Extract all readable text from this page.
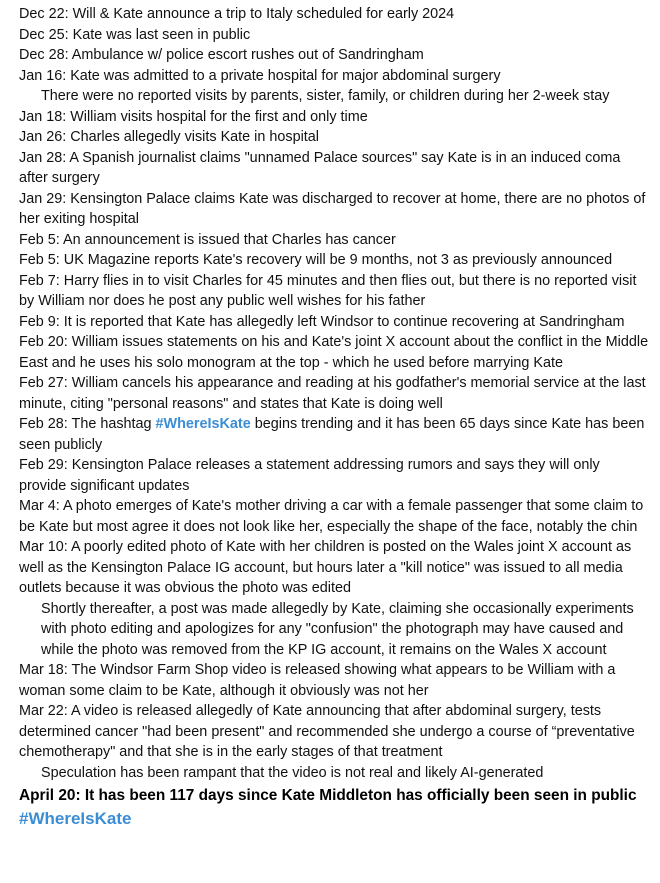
Dec 22: Will & Kate announce a trip to Italy scheduled for early 2024
Dec 25: Kate was last seen in public
Dec 28: Ambulance w/ police escort rushes out of Sandringham
Jan 16: Kate was admitted to a private hospital for major abdominal surgery
There were no reported visits by parents, sister, family, or children during her 2-week stay
Jan 18: William visits hospital for the first and only time
Jan 26: Charles allegedly visits Kate in hospital
Jan 28: A Spanish journalist claims "unnamed Palace sources" say Kate is in an induced coma after surgery
Jan 29: Kensington Palace claims Kate was discharged to recover at home, there are no photos of her exiting hospital
Feb 5: An announcement is issued that Charles has cancer
Feb 5: UK Magazine reports Kate's recovery will be 9 months, not 3 as previously announced
Feb 7: Harry flies in to visit Charles for 45 minutes and then flies out, but there is no reported visit by William nor does he post any public well wishes for his father
Feb 9: It is reported that Kate has allegedly left Windsor to continue recovering at Sandringham
Feb 20: William issues statements on his and Kate's joint X account about the conflict in the Middle East and he uses his solo monogram at the top - which he used before marrying Kate
Feb 27: William cancels his appearance and reading at his godfather's memorial service at the last minute, citing "personal reasons" and states that Kate is doing well
Feb 28: The hashtag #WhereIsKate begins trending and it has been 65 days since Kate has been seen publicly
Feb 29: Kensington Palace releases a statement addressing rumors and says they will only provide significant updates
Mar 4: A photo emerges of Kate's mother driving a car with a female passenger that some claim to be Kate but most agree it does not look like her, especially the shape of the face, notably the chin
Mar 10: A poorly edited photo of Kate with her children is posted on the Wales joint X account as well as the Kensington Palace IG account, but hours later a "kill notice" was issued to all media outlets because it was obvious the photo was edited
Shortly thereafter, a post was made allegedly by Kate, claiming she occasionally experiments with photo editing and apologizes for any "confusion" the photograph may have caused and while the photo was removed from the KP IG account, it remains on the Wales X account
Mar 18: The Windsor Farm Shop video is released showing what appears to be William with a woman some claim to be Kate, although it obviously was not her
Mar 22: A video is released allegedly of Kate announcing that after abdominal surgery, tests determined cancer "had been present" and recommended she undergo a course of “preventative chemotherapy" and that she is in the early stages of that treatment
Speculation has been rampant that the video is not real and likely AI-generated
April 20: It has been 117 days since Kate Middleton has officially been seen in public
#WhereIsKate
